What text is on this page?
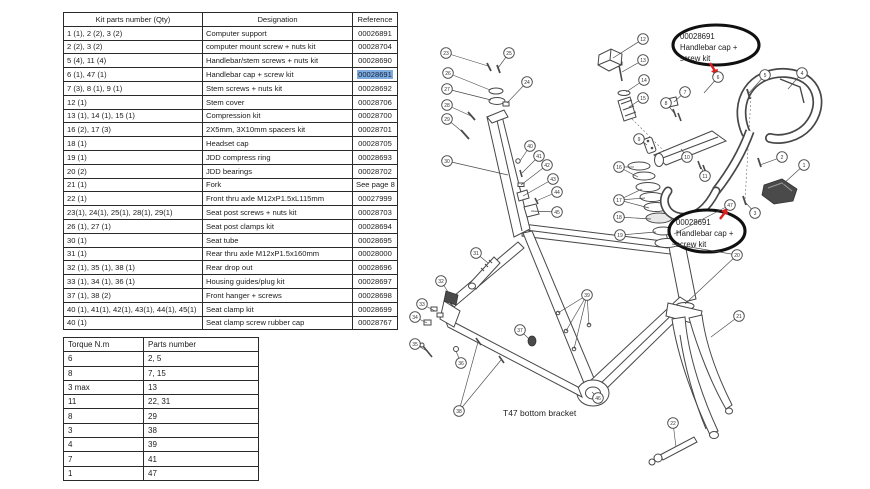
Kit parts number (Qty)	Designation	Reference
1 (1), 2 (2), 3 (2)	Computer support	00026891
2 (2), 3 (2)	computer mount screw + nuts kit	00028704
5 (4), 11 (4)	Handlebar/stem screws + nuts kit	00028690
6 (1), 47 (1)	Handlebar cap + screw kit	00028691
7 (3), 8 (1), 9 (1)	Stem screws + nuts kit	00028692
12 (1)	Stem cover	00028706
13 (1), 14 (1), 15 (1)	Compression kit	00028700
16 (2), 17 (3)	2X5mm, 3X10mm spacers kit	00028701
18 (1)	Headset cap	00028705
19 (1)	JDD compress ring	00028693
20 (2)	JDD bearings	00028702
21 (1)	Fork	See page 8
22 (1)	Front thru axle M12xP1.5xL115mm	00027999
23(1), 24(1), 25(1), 28(1), 29(1)	Seat post screws + nuts kit	00028703
26 (1), 27 (1)	Seat post clamps kit	00028694
30 (1)	Seat tube	00028695
31 (1)	Rear thru axle M12xP1.5x160mm	00028000
32 (1), 35 (1), 38 (1)	Rear drop out	00028696
33 (1), 34 (1), 36 (1)	Housing guides/plug kit	00028697
37 (1), 38 (2)	Front hanger + screws	00028698
40 (1), 41(1), 42(1), 43(1), 44(1), 45(1)	Seat clamp kit	00028699
40 (1)	Seat clamp screw rubber cap	00028767
Torque N.m	Parts number
6	2, 5
8	7, 15
3 max	13
11	22, 31
8	29
3	38
4	39
7	41
1	47
00028691
Handlebar cap +
screw kit
00028691
Handlebar cap +
screw kit
T47 bottom bracket
1
2
3
4
5
6
7
8
9
10
11
12
13
14
15
16
17
18
19
20
21
22
23
24
25
26
27
28
29
30
31
32
33
34
35
36
37
38
39
40
41
42
43
44
45
46
47
